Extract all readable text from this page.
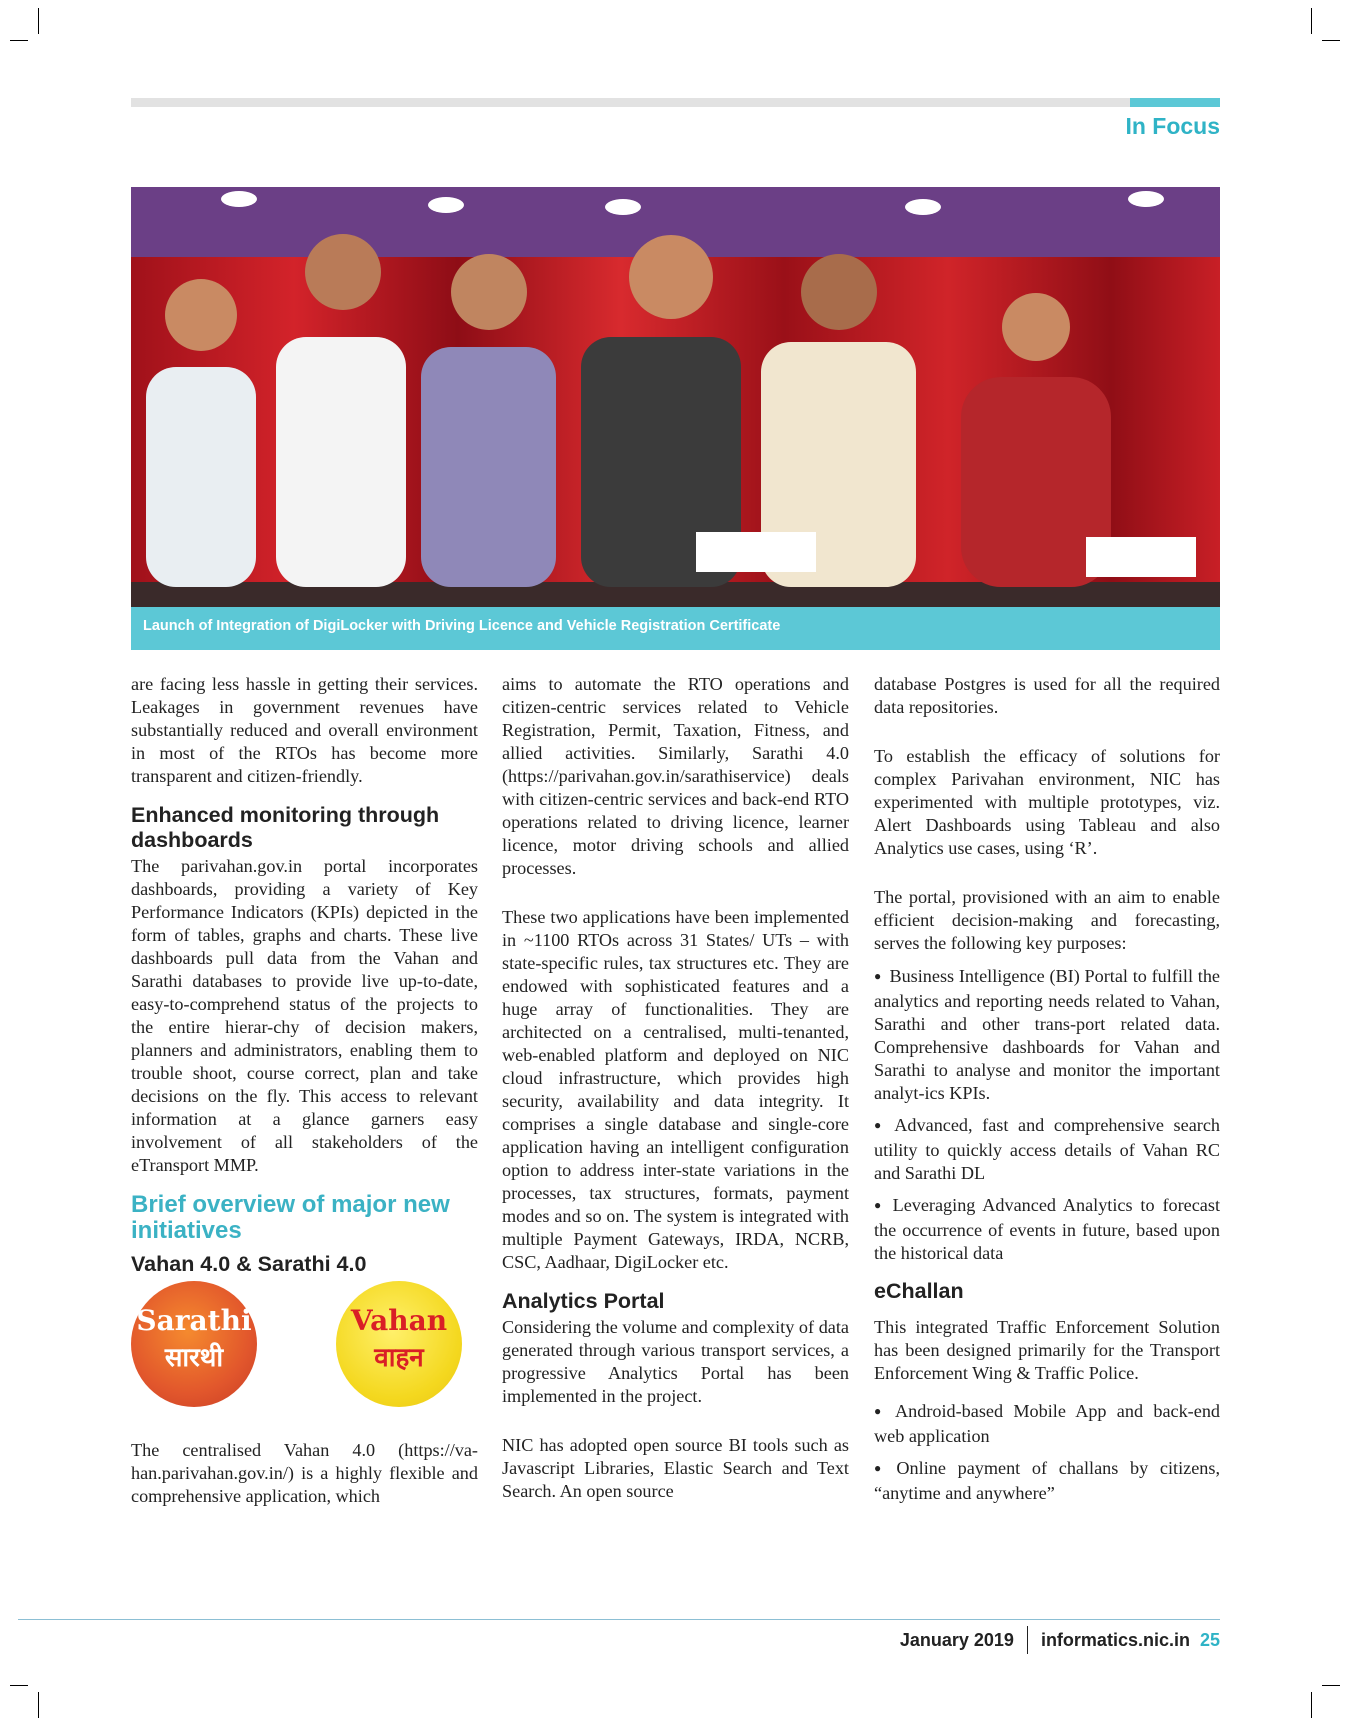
In Focus
Launch of Integration of DigiLocker with Driving Licence and Vehicle Registration Certificate

are facing less hassle in getting their services. Leakages in government revenues have substantially reduced and overall environment in most of the RTOs has become more transparent and citizen-friendly.

Enhanced monitoring through dashboards

The parivahan.gov.in portal incorporates dashboards, providing a variety of Key Performance Indicators (KPIs) depicted in the form of tables, graphs and charts. These live dashboards pull data from the Vahan and Sarathi databases to provide live up-to-date, easy-to-comprehend status of the projects to the entire hierar-chy of decision makers, planners and administrators, enabling them to trouble shoot, course correct, plan and take decisions on the fly. This access to relevant information at a glance garners easy involvement of all stakeholders of the eTransport MMP.

Brief overview of major new initiatives
Vahan 4.0 & Sarathi 4.0
Sarathi
सारथी
Vahan
वाहन

The centralised Vahan 4.0 (https://va-han.parivahan.gov.in/) is a highly flexible and comprehensive application, which

aims to automate the RTO operations and citizen-centric services related to Vehicle Registration, Permit, Taxation, Fitness, and allied activities. Similarly, Sarathi 4.0 (https://parivahan.gov.in/sarathiservice) deals with citizen-centric services and back-end RTO operations related to driving licence, learner licence, motor driving schools and allied processes.

These two applications have been implemented in ~1100 RTOs across 31 States/ UTs – with state-specific rules, tax structures etc. They are endowed with sophisticated features and a huge array of functionalities. They are architected on a centralised, multi-tenanted, web-enabled platform and deployed on NIC cloud infrastructure, which provides high security, availability and data integrity. It comprises a single database and single-core application having an intelligent configuration option to address inter-state variations in the processes, tax structures, formats, payment modes and so on. The system is integrated with multiple Payment Gateways, IRDA, NCRB, CSC, Aadhaar, DigiLocker etc.

Analytics Portal

Considering the volume and complexity of data generated through various transport services, a progressive Analytics Portal has been implemented in the project.

NIC has adopted open source BI tools such as Javascript Libraries, Elastic Search and Text Search. An open source

database Postgres is used for all the required data repositories.

To establish the efficacy of solutions for complex Parivahan environment, NIC has experimented with multiple prototypes, viz. Alert Dashboards using Tableau and also Analytics use cases, using ‘R’.

The portal, provisioned with an aim to enable efficient decision-making and forecasting, serves the following key purposes:

● Business Intelligence (BI) Portal to fulfill the analytics and reporting needs related to Vahan, Sarathi and other trans-port related data. Comprehensive dashboards for Vahan and Sarathi to analyse and monitor the important analyt-ics KPIs.
● Advanced, fast and comprehensive search utility to quickly access details of Vahan RC and Sarathi DL
● Leveraging Advanced Analytics to forecast the occurrence of events in future, based upon the historical data
eChallan

This integrated Traffic Enforcement Solution has been designed primarily for the Transport Enforcement Wing & Traffic Police.

● Android-based Mobile App and back-end web application
● Online payment of challans by citizens, “anytime and anywhere”
January 2019 informatics.nic.in 25
